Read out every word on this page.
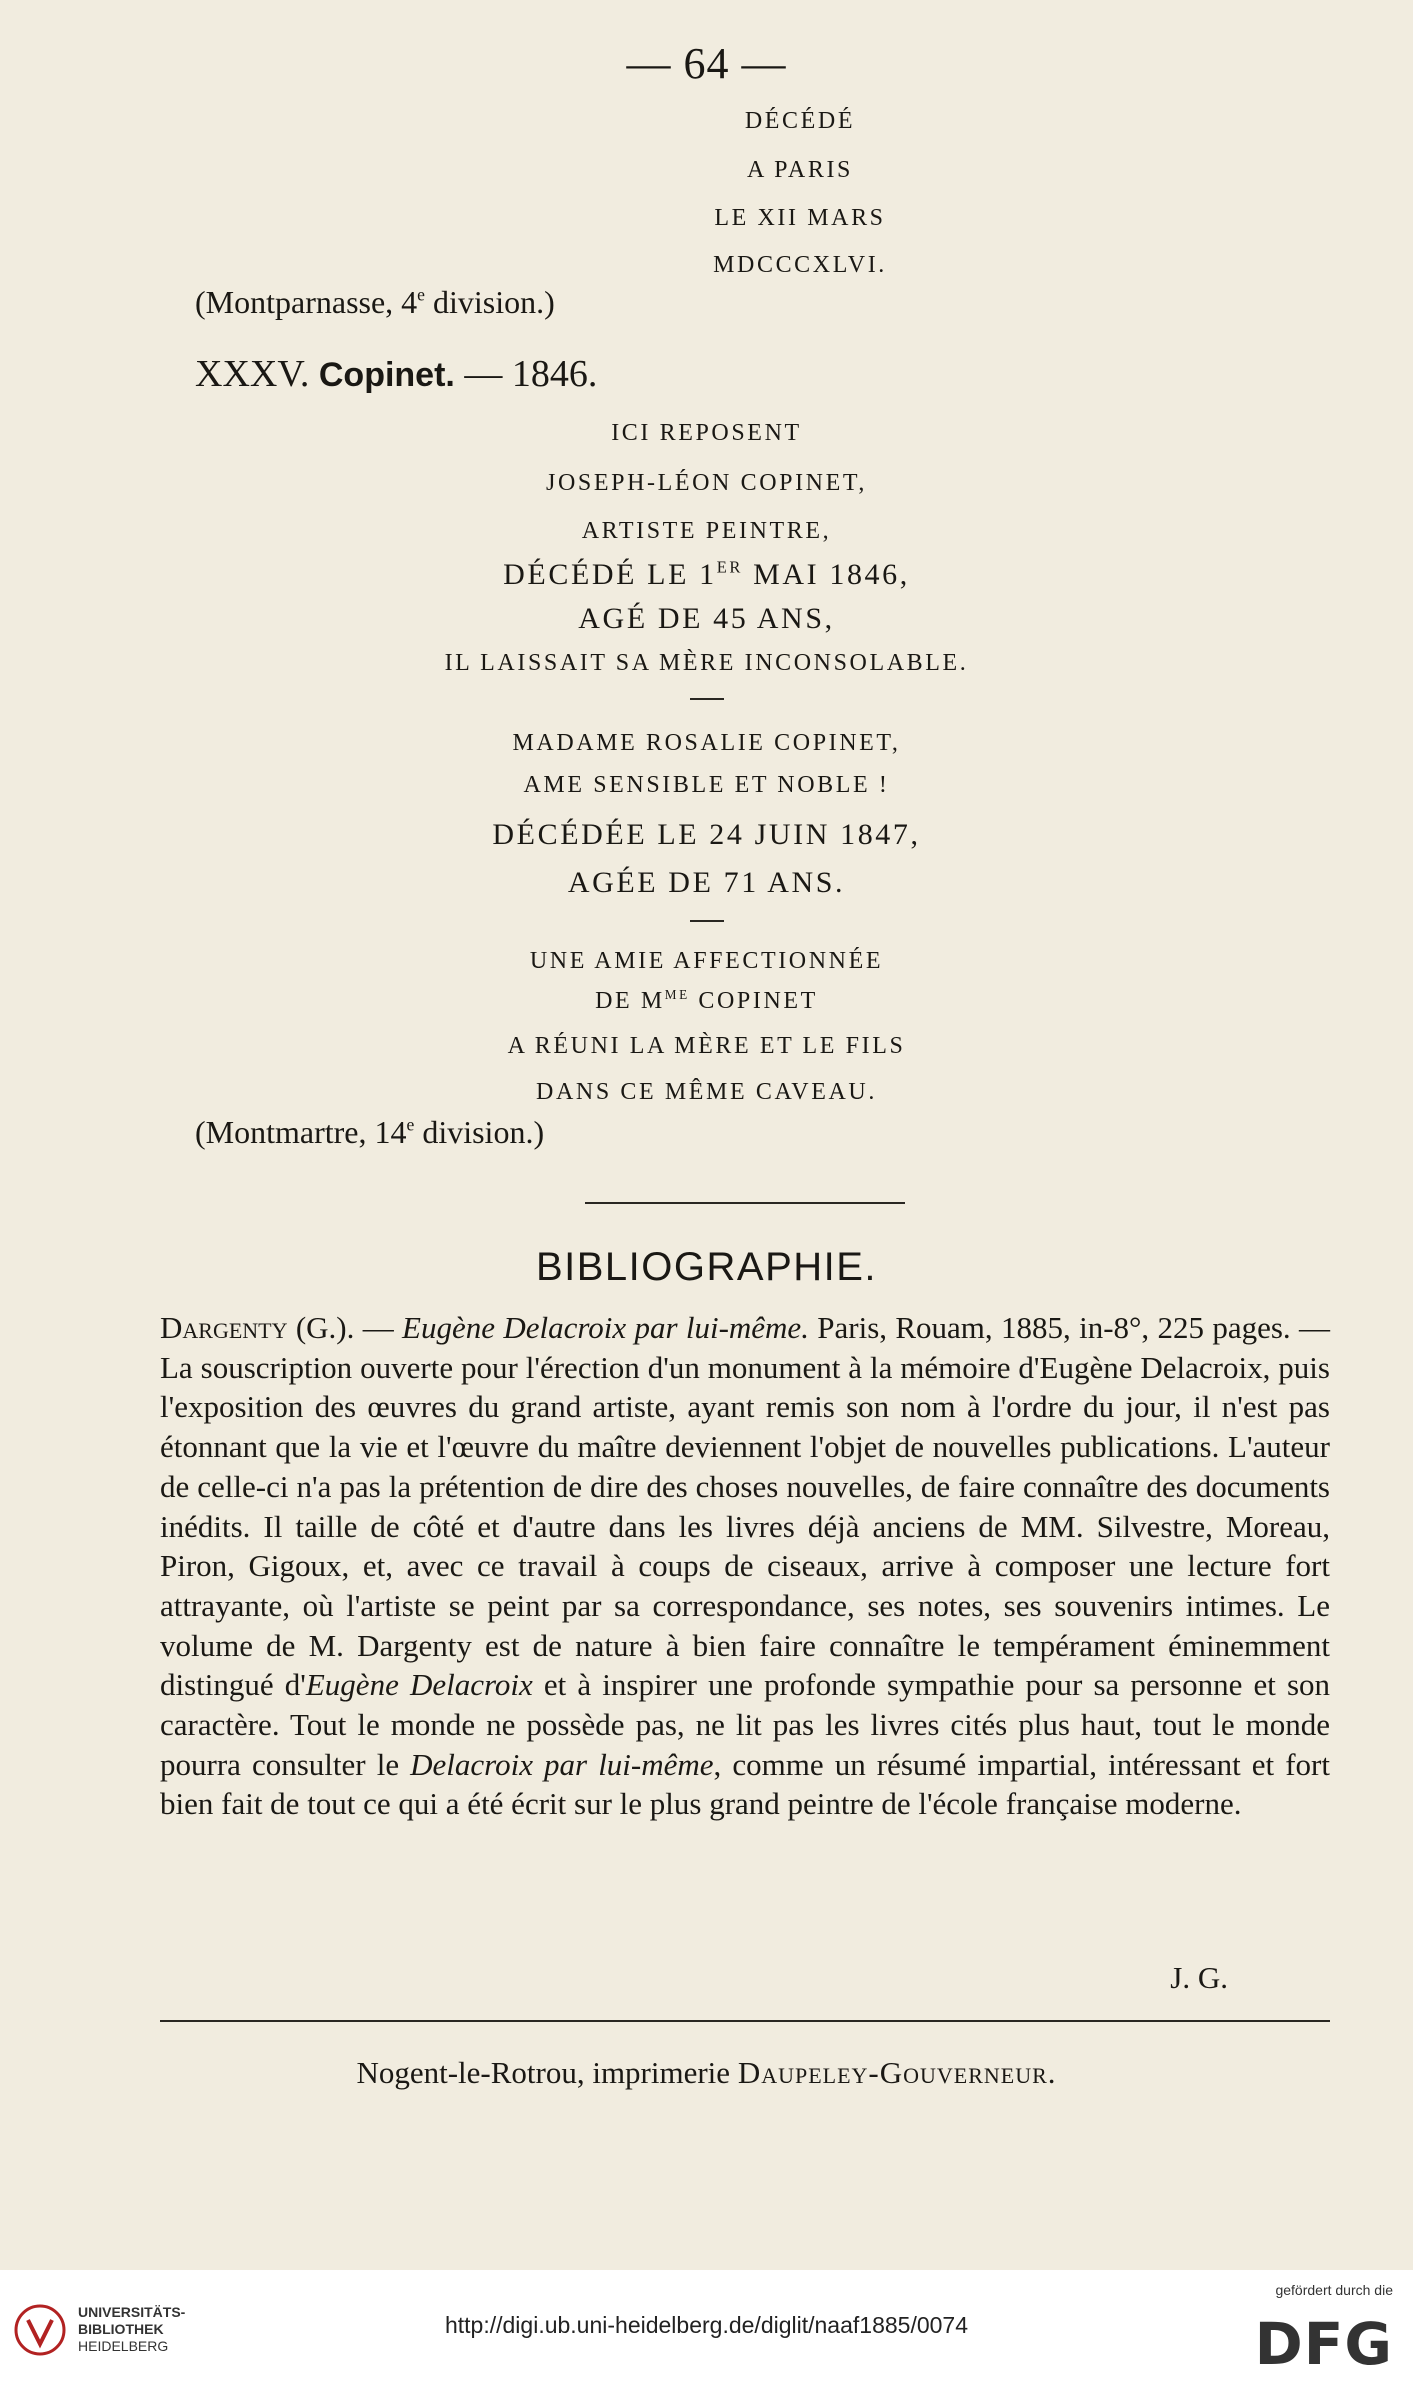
— 64 —
DÉCÉDÉ
A PARIS
LE XII MARS
MDCCCXLVI.
(Montparnasse, 4e division.)
XXXV. Copinet. — 1846.
ICI REPOSENT
JOSEPH-LÉON COPINET,
ARTISTE PEINTRE,
DÉCÉDÉ LE 1ER MAI 1846,
AGÉ DE 45 ANS,
IL LAISSAIT SA MÈRE INCONSOLABLE.
MADAME ROSALIE COPINET,
AME SENSIBLE ET NOBLE !
DÉCÉDÉE LE 24 JUIN 1847,
AGÉE DE 71 ANS.
UNE AMIE AFFECTIONNÉE
DE $M^{ME}$ COPINET
A RÉUNI LA MÈRE ET LE FILS
DANS CE MÊME CAVEAU.
(Montmartre, 14e division.)
BIBLIOGRAPHIE.
Dargenty (G.). — Eugène Delacroix par lui-même. Paris, Rouam, 1885, in-8°, 225 pages. — La souscription ouverte pour l'érection d'un monument à la mémoire d'Eugène Delacroix, puis l'exposition des œuvres du grand artiste, ayant remis son nom à l'ordre du jour, il n'est pas étonnant que la vie et l'œuvre du maître deviennent l'objet de nouvelles publications. L'auteur de celle-ci n'a pas la prétention de dire des choses nouvelles, de faire connaître des documents inédits. Il taille de côté et d'autre dans les livres déjà anciens de MM. Silvestre, Moreau, Piron, Gigoux, et, avec ce travail à coups de ciseaux, arrive à composer une lecture fort attrayante, où l'artiste se peint par sa correspondance, ses notes, ses souvenirs intimes. Le volume de M. Dargenty est de nature à bien faire connaître le tempérament éminemment distingué d'Eugène Delacroix et à inspirer une profonde sympathie pour sa personne et son caractère. Tout le monde ne possède pas, ne lit pas les livres cités plus haut, tout le monde pourra consulter le Delacroix par lui-même, comme un résumé impartial, intéressant et fort bien fait de tout ce qui a été écrit sur le plus grand peintre de l'école française moderne.
J. G.
Nogent-le-Rotrou, imprimerie Daupeley-Gouverneur.
UNIVERSITÄTS-
BIBLIOTHEK
HEIDELBERG
http://digi.ub.uni-heidelberg.de/diglit/naaf1885/0074
gefördert durch die
DFG
